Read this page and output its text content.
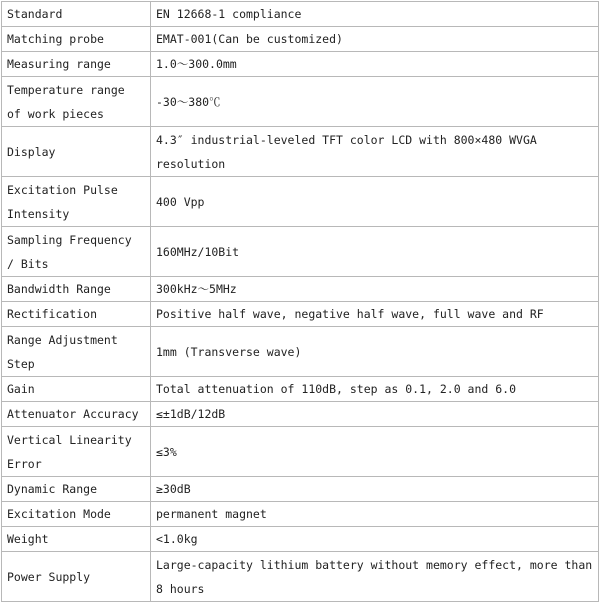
Standard	EN 12668-1 compliance
Matching probe	EMAT-001(Can be customized)
Measuring range	1.0～300.0mm
Temperature range of work pieces	-30～380℃
Display	4.3″ industrial-leveled TFT color LCD with 800×480 WVGA resolution
Excitation Pulse Intensity	400 Vpp
Sampling Frequency / Bits	160MHz/10Bit
Bandwidth Range	300kHz～5MHz
Rectification	Positive half wave, negative half wave, full wave and RF
Range Adjustment Step	1mm (Transverse wave)
Gain	Total attenuation of 110dB, step as 0.1, 2.0 and 6.0
Attenuator Accuracy	≤±1dB/12dB
Vertical Linearity Error	≤3%
Dynamic Range	≥30dB
Excitation Mode	permanent magnet
Weight	<1.0kg
Power Supply	Large-capacity lithium battery without memory effect, more than 8 hours
